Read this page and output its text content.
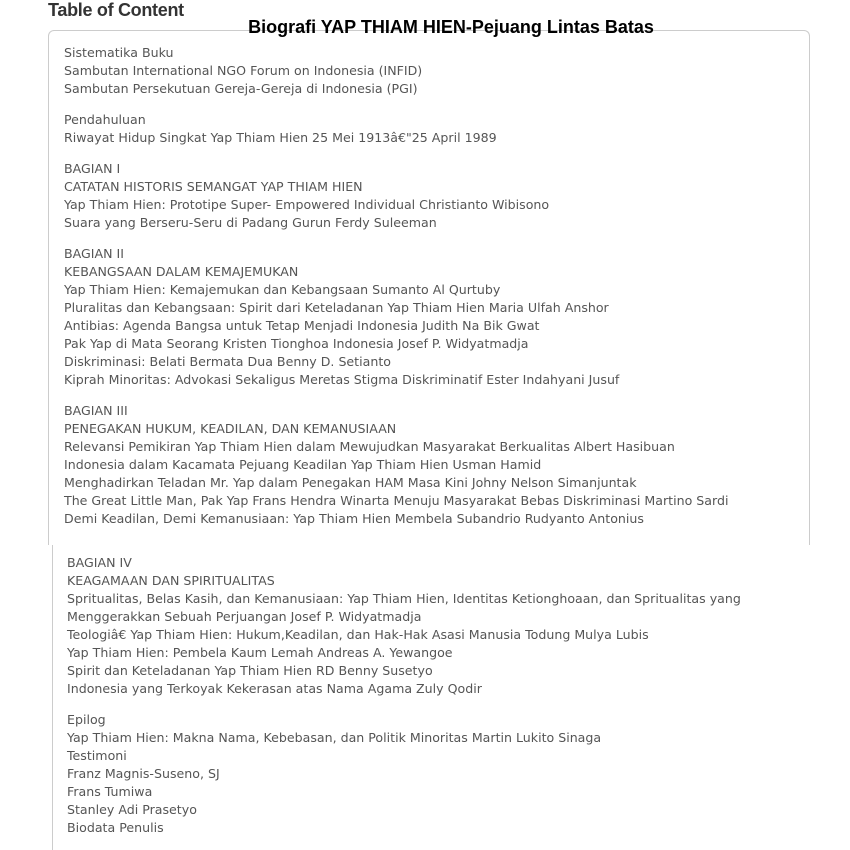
Table of Content
Biografi YAP THIAM HIEN-Pejuang Lintas Batas
Sistematika Buku
Sambutan International NGO Forum on Indonesia (INFID)
Sambutan Persekutuan Gereja-Gereja di Indonesia (PGI)
Pendahuluan
Riwayat Hidup Singkat Yap Thiam Hien 25 Mei 1913â€"25 April 1989
BAGIAN I
CATATAN HISTORIS SEMANGAT YAP THIAM HIEN
Yap Thiam Hien: Prototipe Super- Empowered Individual Christianto Wibisono
Suara yang Berseru-Seru di Padang Gurun Ferdy Suleeman
BAGIAN II
KEBANGSAAN DALAM KEMAJEMUKAN
Yap Thiam Hien: Kemajemukan dan Kebangsaan Sumanto Al Qurtuby
Pluralitas dan Kebangsaan: Spirit dari Keteladanan Yap Thiam Hien Maria Ulfah Anshor
Antibias: Agenda Bangsa untuk Tetap Menjadi Indonesia Judith Na Bik Gwat
Pak Yap di Mata Seorang Kristen Tionghoa Indonesia Josef P. Widyatmadja
Diskriminasi: Belati Bermata Dua Benny D. Setianto
Kiprah Minoritas: Advokasi Sekaligus Meretas Stigma Diskriminatif Ester Indahyani Jusuf
BAGIAN III
PENEGAKAN HUKUM, KEADILAN, DAN KEMANUSIAAN
Relevansi Pemikiran Yap Thiam Hien dalam Mewujudkan Masyarakat Berkualitas Albert Hasibuan
Indonesia dalam Kacamata Pejuang Keadilan Yap Thiam Hien Usman Hamid
Menghadirkan Teladan Mr. Yap dalam Penegakan HAM Masa Kini Johny Nelson Simanjuntak
The Great Little Man, Pak Yap Frans Hendra Winarta Menuju Masyarakat Bebas Diskriminasi Martino Sardi
Demi Keadilan, Demi Kemanusiaan: Yap Thiam Hien Membela Subandrio Rudyanto Antonius
BAGIAN IV
KEAGAMAAN DAN SPIRITUALITAS
Spritualitas, Belas Kasih, dan Kemanusiaan: Yap Thiam Hien, Identitas Ketionghoaan, dan Spritualitas yang
Menggerakkan Sebuah Perjuangan Josef P. Widyatmadja
Teologiâ€ Yap Thiam Hien: Hukum,Keadilan, dan Hak-Hak Asasi Manusia Todung Mulya Lubis
Yap Thiam Hien: Pembela Kaum Lemah Andreas A. Yewangoe
Spirit dan Keteladanan Yap Thiam Hien RD Benny Susetyo
Indonesia yang Terkoyak Kekerasan atas Nama Agama Zuly Qodir
Epilog
Yap Thiam Hien: Makna Nama, Kebebasan, dan Politik Minoritas Martin Lukito Sinaga
Testimoni
Franz Magnis-Suseno, SJ
Frans Tumiwa
Stanley Adi Prasetyo
Biodata Penulis
